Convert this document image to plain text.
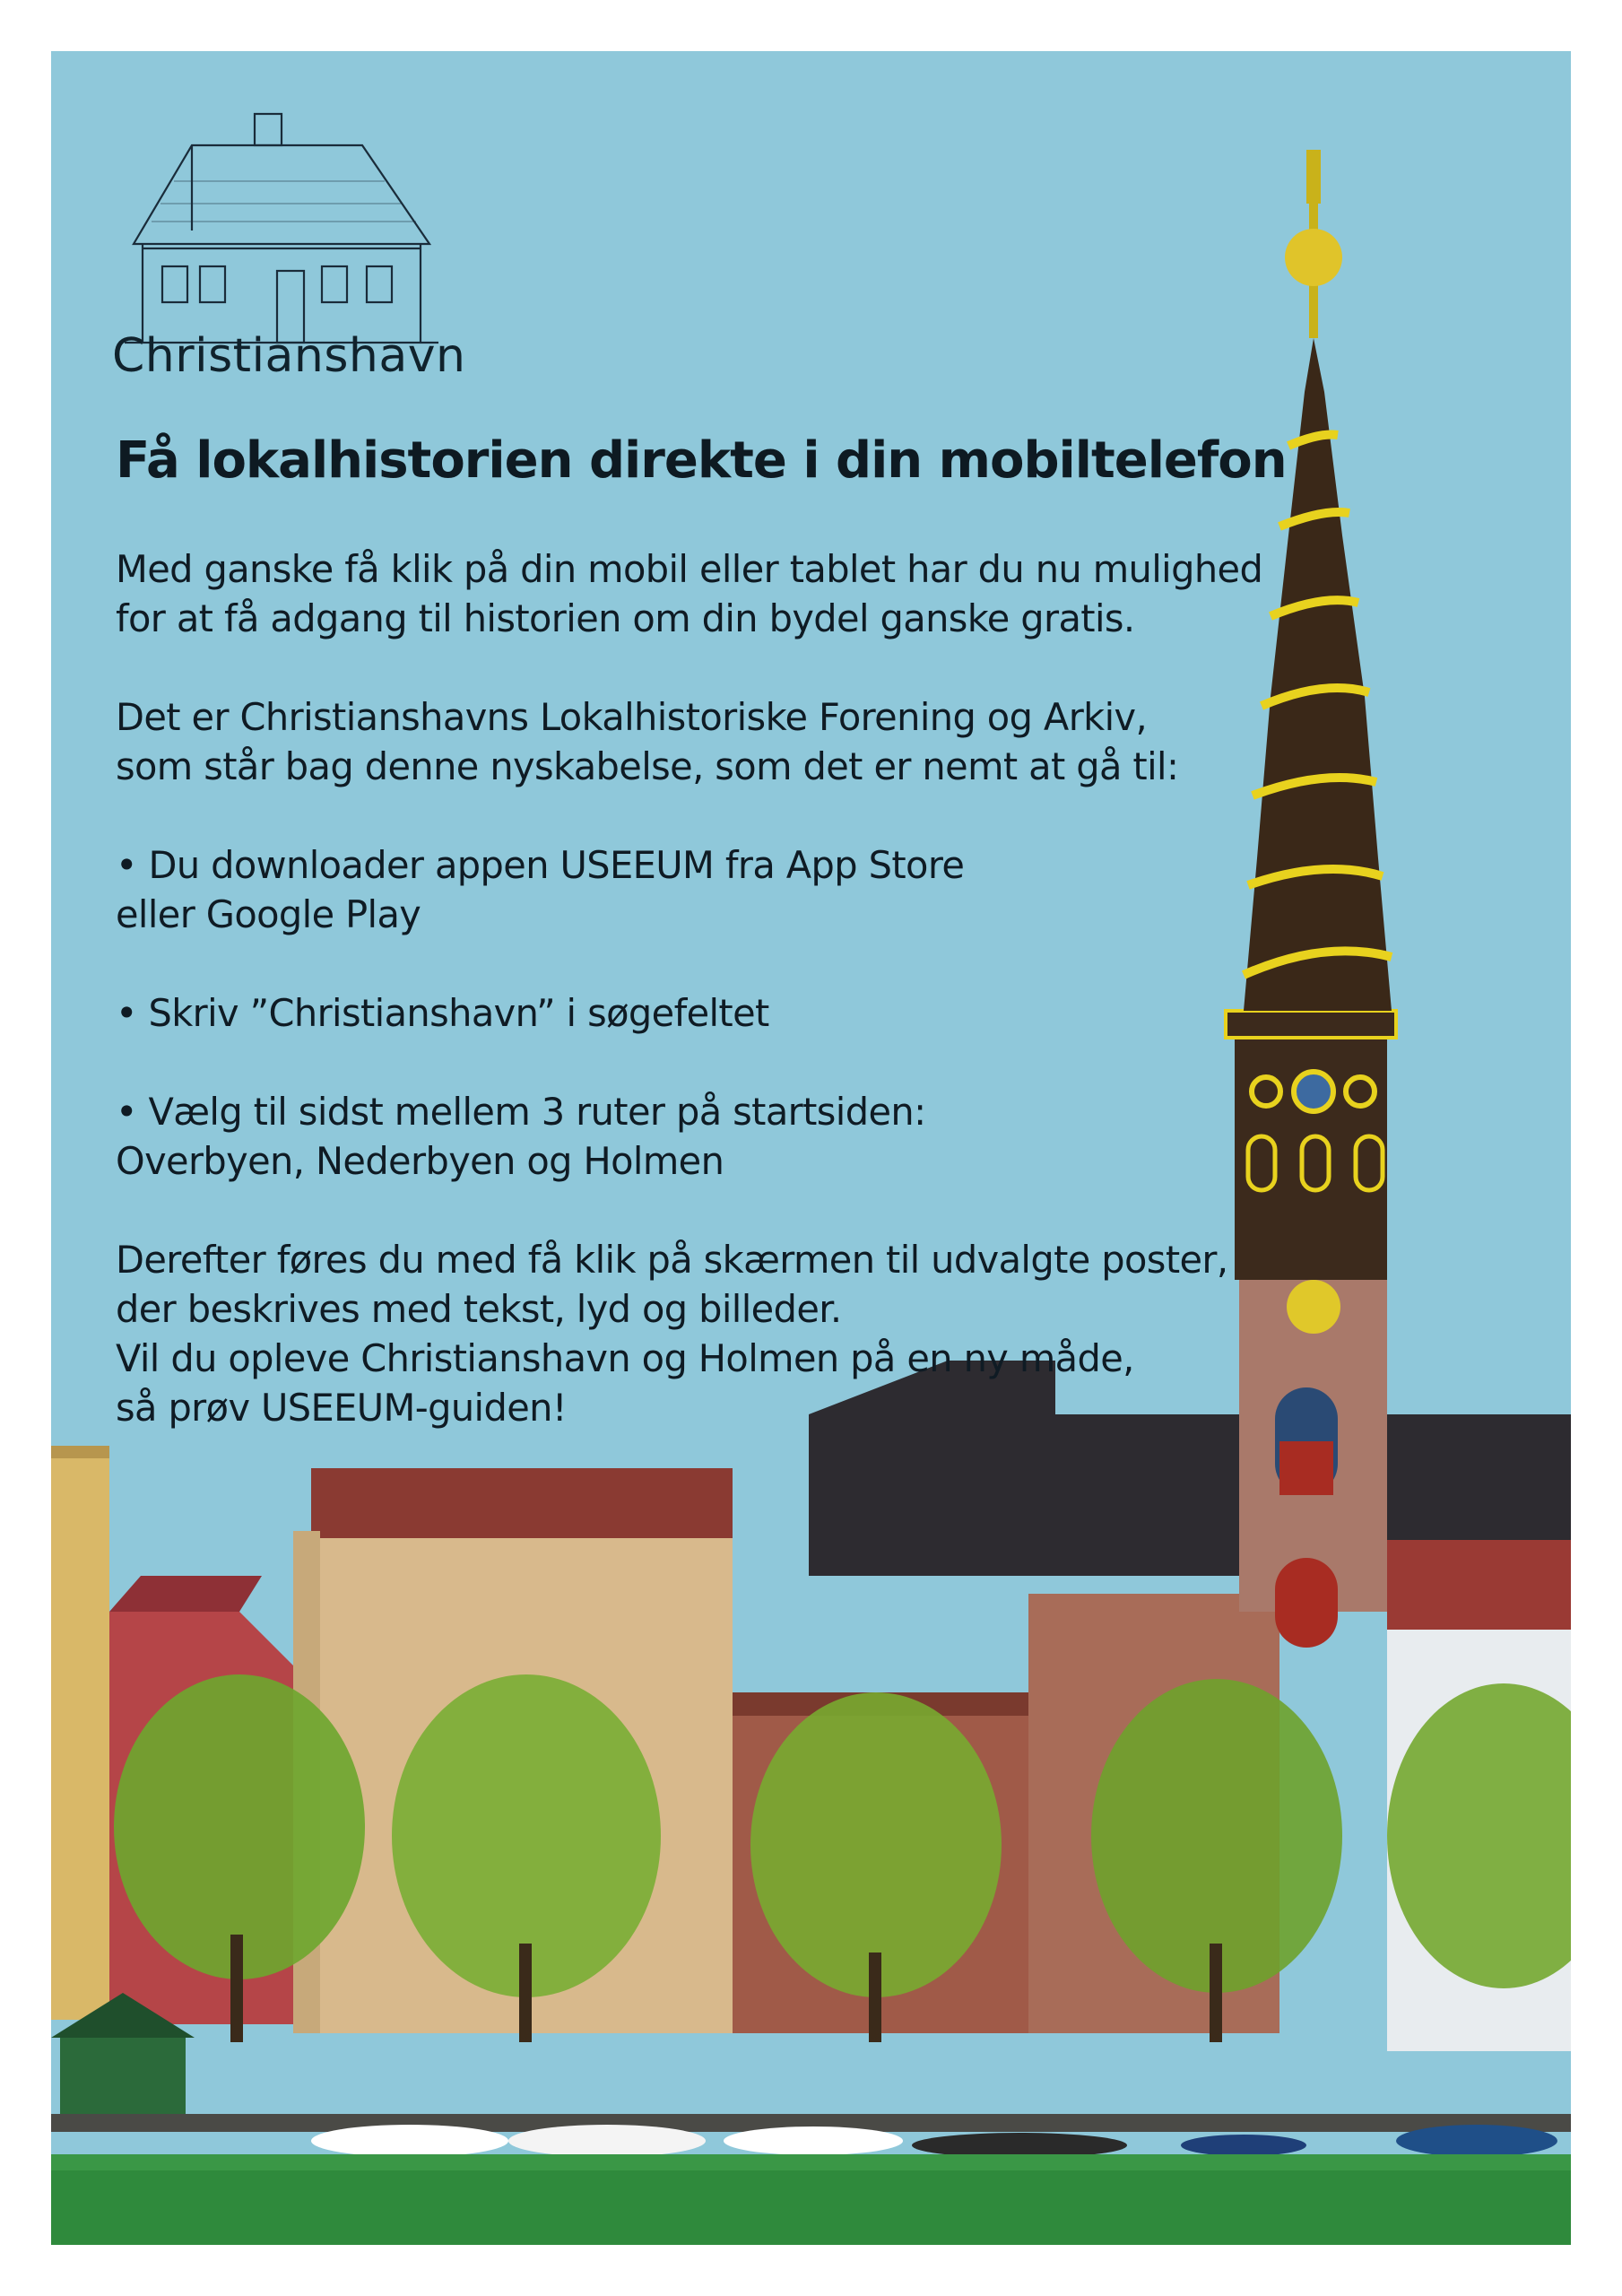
Christianshavn
Få lokalhistorien direkte i din mobiltelefon

Med ganske få klik på din mobil eller tablet har du nu mulighed
for at få adgang til historien om din bydel ganske gratis.

Det er Christianshavns Lokalhistoriske Forening og Arkiv,
som står bag denne nyskabelse, som det er nemt at gå til:

• Du downloader appen USEEUM fra App Store
eller Google Play

• Skriv ”Christianshavn” i søgefeltet

• Vælg til sidst mellem 3 ruter på startsiden:
Overbyen, Nederbyen og Holmen

Derefter føres du med få klik på skærmen til udvalgte poster,
der beskrives med tekst, lyd og billeder.
Vil du opleve Christianshavn og Holmen på en ny måde,
så prøv USEEUM-guiden!
